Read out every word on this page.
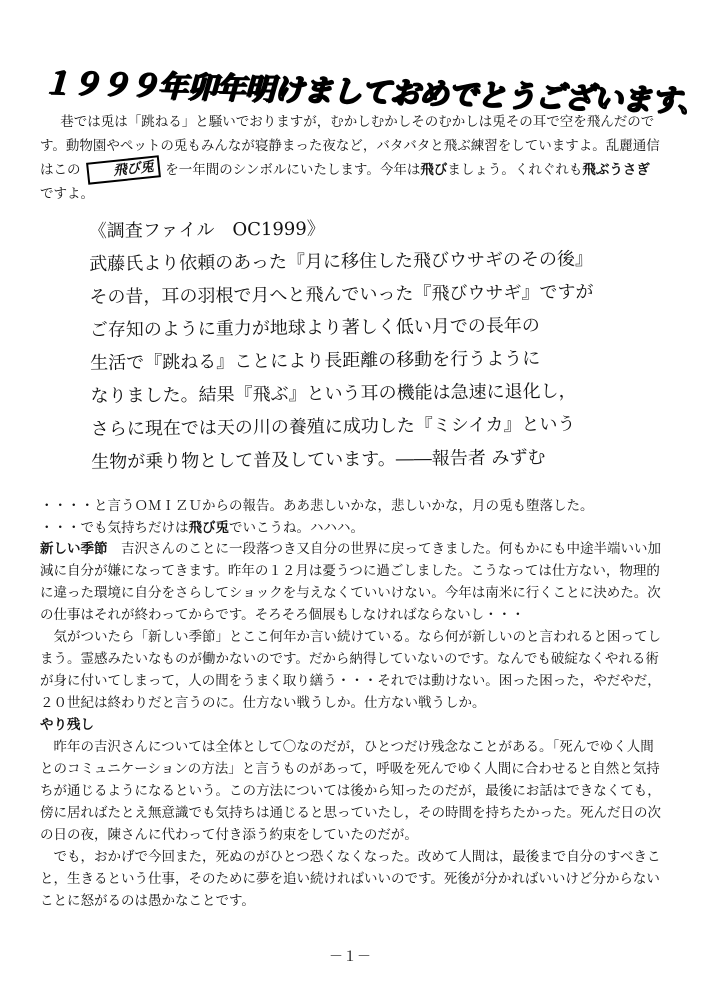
１９９９年卯年明けましておめでとうございます、
巷では兎は「跳ねる」と騒いでおりますが，むかしむかしそのむかしは兎その耳で空を飛んだのです。動物園やペットの兎もみんなが寝静まった夜など，バタバタと飛ぶ練習をしていますよ。乱麗通信はこの 飛び兎 を一年間のシンボルにいたします。今年は飛びましょう。くれぐれも飛ぶうさぎですよ。
《調査ファイル　OC1999》
武藤氏より依頼のあった『月に移住した飛びウサギのその後』
その昔，耳の羽根で月へと飛んでいった『飛びウサギ』ですが
ご存知のように重力が地球より著しく低い月での長年の
生活で『跳ねる』ことにより長距離の移動を行うように
なりました。結果『飛ぶ』という耳の機能は急速に退化し，
さらに現在では天の川の養殖に成功した『ミシイカ』という
生物が乗り物として普及しています。――報告者 みずむ
・・・・と言うＯＭＩＺＵからの報告。ああ悲しいかな，悲しいかな，月の兎も堕落した。
・・・でも気持ちだけは飛び兎でいこうね。ハハハ。

新しい季節　 吉沢さんのことに一段落つき又自分の世界に戻ってきました。何もかにも中途半端いい加減に自分が嫌になってきます。昨年の１２月は憂うつに過ごしました。こうなっては仕方ない，物理的に違った環境に自分をさらしてショックを与えなくていいけない。今年は南米に行くことに決めた。次の仕事はそれが終わってからです。そろそろ個展もしなければならないし・・・

気がついたら「新しい季節」とここ何年か言い続けている。なら何が新しいのと言われると困ってしまう。霊感みたいなものが働かないのです。だから納得していないのです。なんでも破綻なくやれる術が身に付いてしまって，人の間をうまく取り繕う・・・それでは動けない。困った困った，やだやだ，２０世紀は終わりだと言うのに。仕方ない戦うしか。仕方ない戦うしか。

やり残し

昨年の吉沢さんについては全体として〇なのだが，ひとつだけ残念なことがある。「死んでゆく人間とのコミュニケーションの方法」と言うものがあって，呼吸を死んでゆく人間に合わせると自然と気持ちが通じるようになるという。この方法については後から知ったのだが，最後にお話はできなくても，傍に居ればたとえ無意識でも気持ちは通じると思っていたし，その時間を持ちたかった。死んだ日の次の日の夜，陳さんに代わって付き添う約束をしていたのだが。

でも，おかげで今回また，死ぬのがひとつ恐くなくなった。改めて人間は，最後まで自分のすべきこと，生きるという仕事，そのために夢を追い続ければいいのです。死後が分かればいいけど分からないことに怒がるのは愚かなことです。

－１－
